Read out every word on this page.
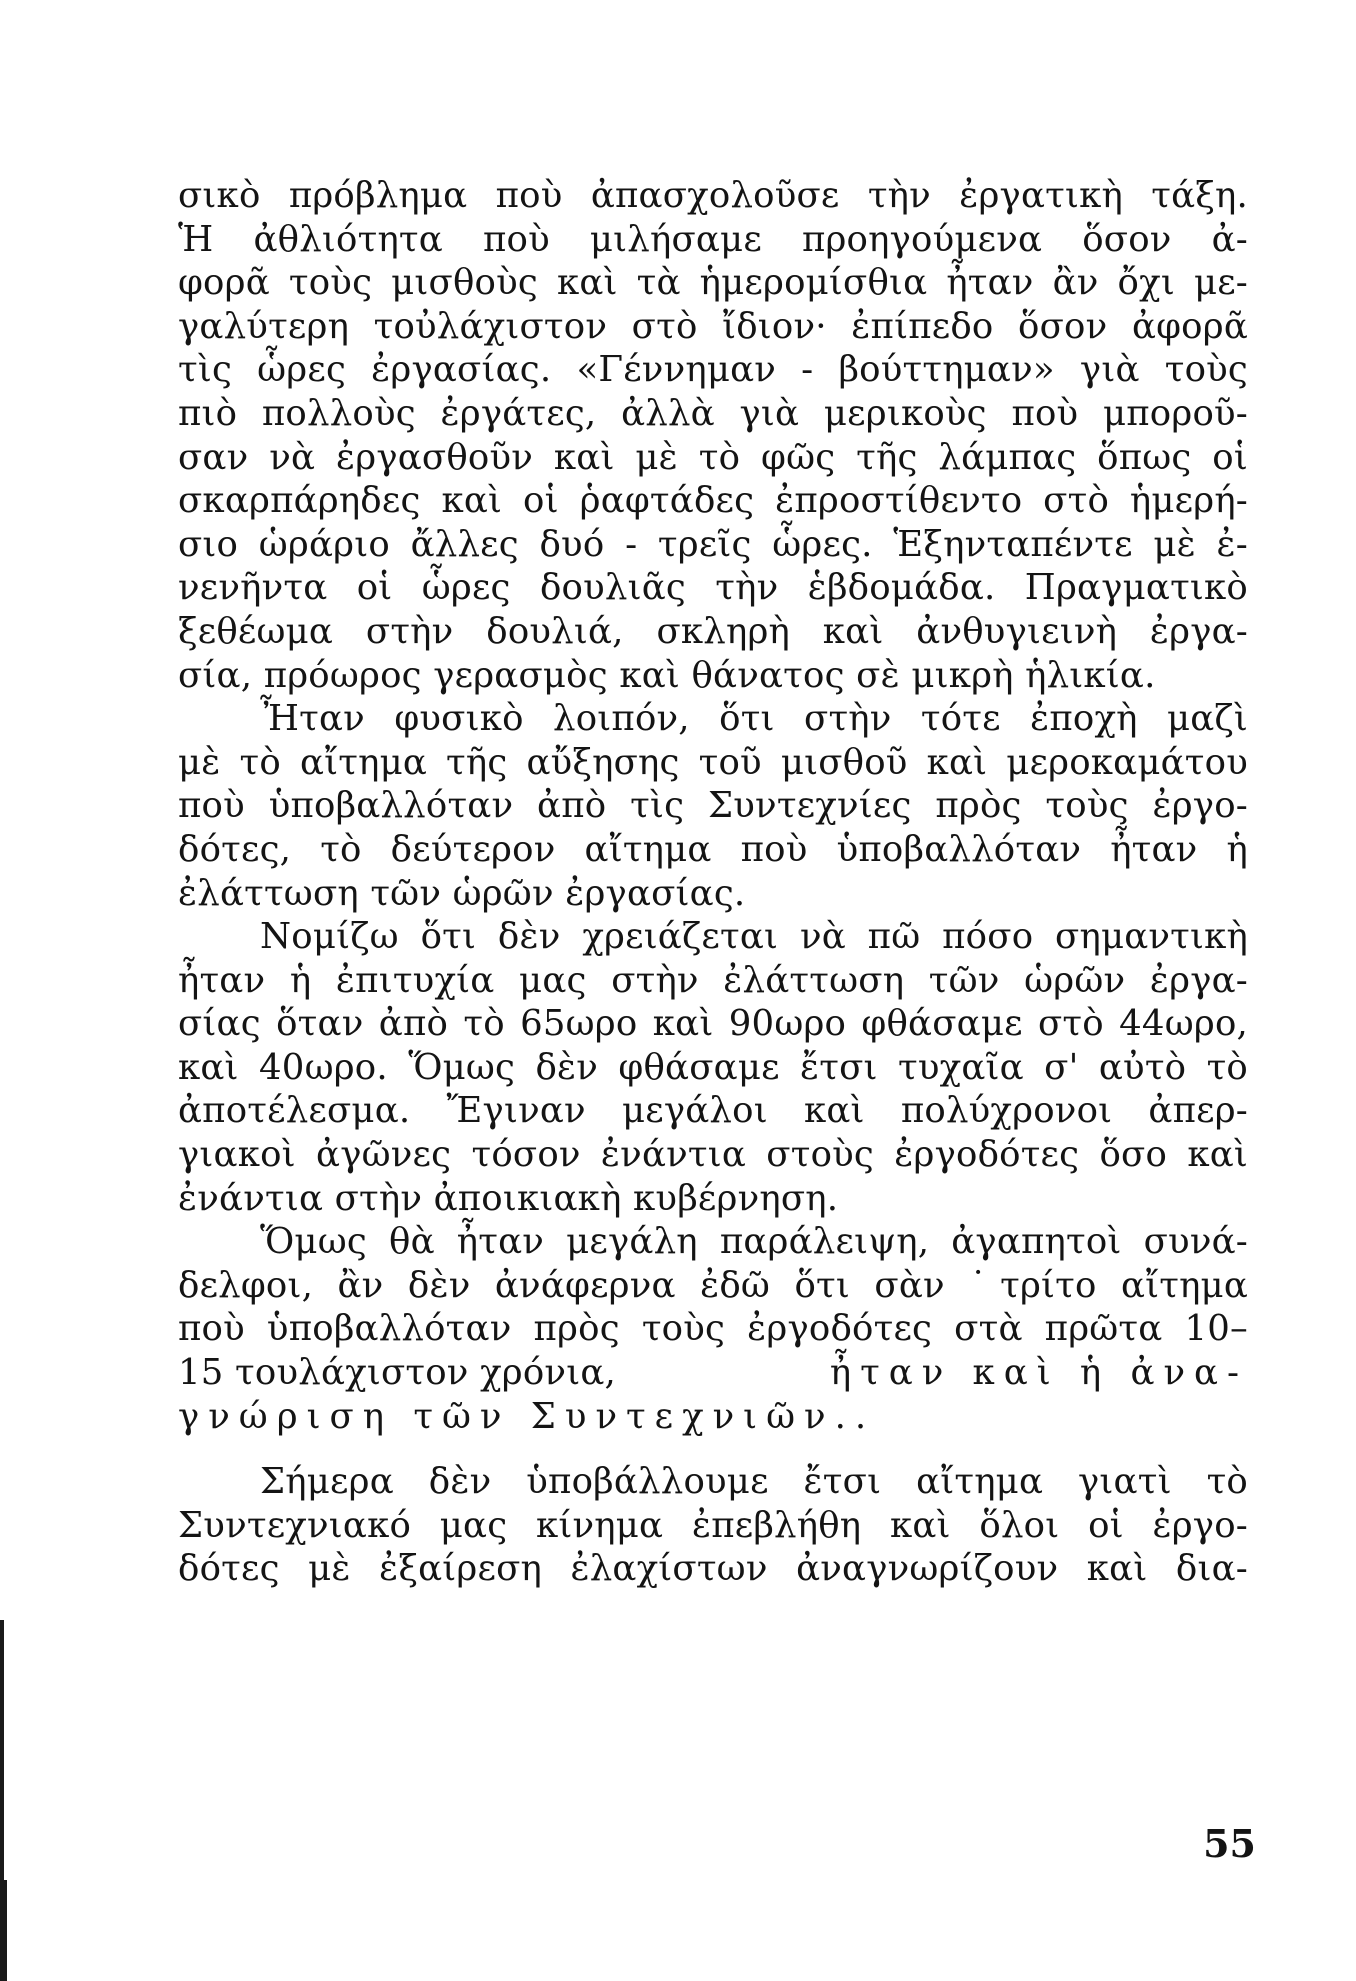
σικὸ πρόβλημα ποὺ ἀπασχολοῦσε τὴν ἐργατικὴ τάξη.
Ἡ ἀθλιότητα ποὺ μιλήσαμε προηγούμενα ὅσον ἀ-
φορᾶ τοὺς μισθοὺς καὶ τὰ ἡμερομίσθια ἦταν ἂν ὄχι με-
γαλύτερη τοὐλάχιστον στὸ ἴδιον· ἐπίπεδο ὅσον ἀφορᾶ
τὶς ὧρες ἐργασίας. «Γέννημαν - βούττημαν» γιὰ τοὺς
πιὸ πολλοὺς ἐργάτες, ἀλλὰ γιὰ μερικοὺς ποὺ μποροῦ-
σαν νὰ ἐργασθοῦν καὶ μὲ τὸ φῶς τῆς λάμπας ὅπως οἱ
σκαρπάρηδες καὶ οἱ ῥαφτάδες ἐπροστίθεντο στὸ ἡμερή-
σιο ὡράριο ἄλλες δυό - τρεῖς ὧρες. Ἑξηνταπέντε μὲ ἐ-
νενῆντα οἱ ὧρες δουλιᾶς τὴν ἑβδομάδα. Πραγματικὸ
ξεθέωμα στὴν δουλιά, σκληρὴ καὶ ἀνθυγιεινὴ ἐργα-
σία, πρόωρος γερασμὸς καὶ θάνατος σὲ μικρὴ ἡλικία.
Ἦταν φυσικὸ λοιπόν, ὅτι στὴν τότε ἐποχὴ μαζὶ
μὲ τὸ αἴτημα τῆς αὔξησης τοῦ μισθοῦ καὶ μεροκαμάτου
ποὺ ὑποβαλλόταν ἀπὸ τὶς Συντεχνίες πρὸς τοὺς ἐργο-
δότες, τὸ δεύτερον αἴτημα ποὺ ὑποβαλλόταν ἦταν ἡ
ἐλάττωση τῶν ὡρῶν ἐργασίας.
Νομίζω ὅτι δὲν χρειάζεται νὰ πῶ πόσο σημαντικὴ
ἦταν ἡ ἐπιτυχία μας στὴν ἐλάττωση τῶν ὡρῶν ἐργα-
σίας ὅταν ἀπὸ τὸ 65ωρο καὶ 90ωρο φθάσαμε στὸ 44ωρο,
καὶ 40ωρο. Ὅμως δὲν φθάσαμε ἔτσι τυχαῖα σ' αὐτὸ τὸ
ἀποτέλεσμα. Ἔγιναν μεγάλοι καὶ πολύχρονοι ἀπερ-
γιακοὶ ἀγῶνες τόσον ἐνάντια στοὺς ἐργοδότες ὅσο καὶ
ἐνάντια στὴν ἀποικιακὴ κυβέρνηση.
Ὅμως θὰ ἦταν μεγάλη παράλειψη, ἀγαπητοὶ συνά-
δελφοι, ἂν δὲν ἀνάφερνα ἐδῶ ὅτι σὰν ˙τρίτο αἴτημα
ποὺ ὑποβαλλόταν πρὸς τοὺς ἐργοδότες στὰ πρῶτα 10–
15 τουλάχιστον χρόνια,	ἦταν καὶ ἡ ἀνα-
γνώριση τῶν Συντεχνιῶν..
Σήμερα δὲν ὑποβάλλουμε ἔτσι αἴτημα γιατὶ τὸ
Συντεχνιακό μας κίνημα ἐπεβλήθη καὶ ὅλοι οἱ ἐργο-
δότες μὲ ἐξαίρεση ἐλαχίστων ἀναγνωρίζουν καὶ δια-
55
